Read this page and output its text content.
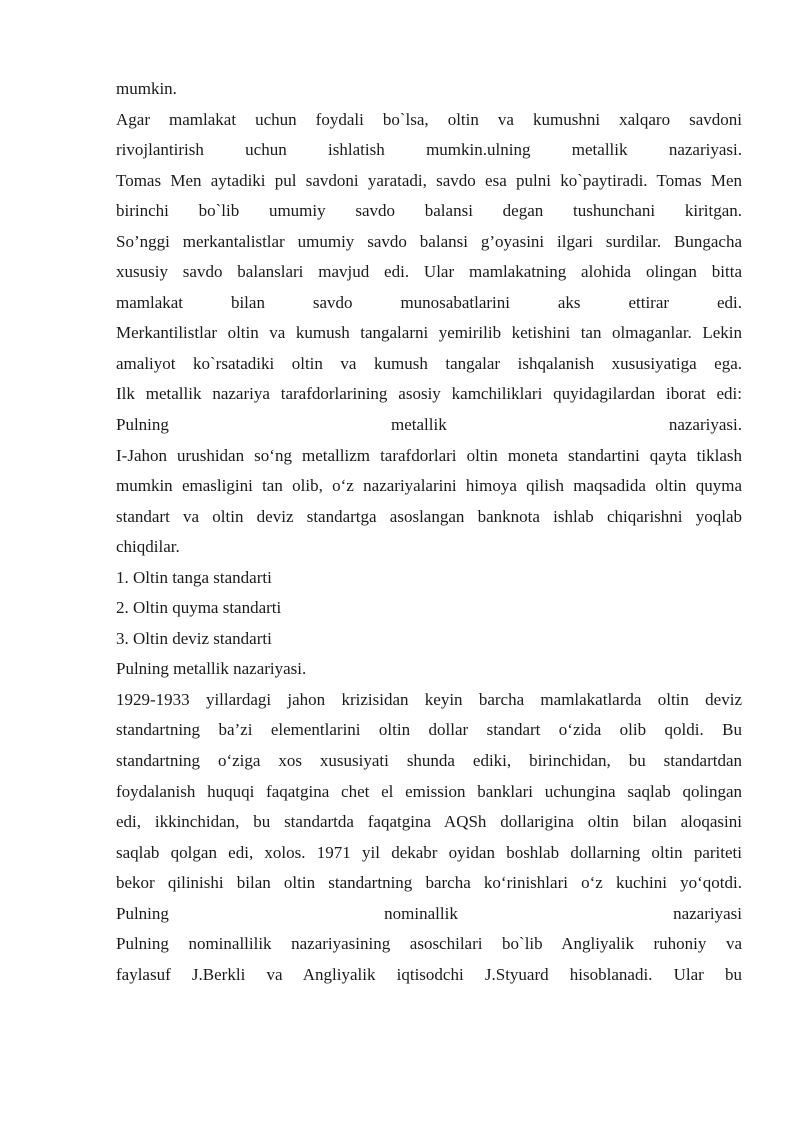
mumkin.
Agar mamlakat uchun foydali bo`lsa, oltin va kumushni xalqaro savdoni
rivojlantirish uchun ishlatish mumkin.ulning metallik nazariyasi.
Tomas Men aytadiki pul savdoni yaratadi, savdo esa pulni ko`paytiradi. Tomas Men
birinchi bo`lib umumiy savdo balansi degan tushunchani kiritgan.
So’nggi merkantalistlar umumiy savdo balansi g’oyasini ilgari surdilar. Bungacha
xususiy savdo balanslari mavjud edi. Ular mamlakatning alohida olingan bitta
mamlakat bilan savdo munosabatlarini aks ettirar edi.
Merkantilistlar oltin va kumush tangalarni yemirilib ketishini tan olmaganlar. Lekin
amaliyot ko`rsatadiki oltin va kumush tangalar ishqalanish xususiyatiga ega.
Ilk metallik nazariya tarafdorlarining asosiy kamchiliklari quyidagilardan iborat edi:
Pulning metallik nazariyasi.
I-Jahon urushidan so‘ng metallizm tarafdorlari oltin moneta standartini qayta tiklash
mumkin emasligini tan olib, o‘z nazariyalarini himoya qilish maqsadida oltin quyma
standart va oltin deviz standartga asoslangan banknota ishlab chiqarishni yoqlab
chiqdilar.
1. Oltin tanga standarti
2. Oltin quyma standarti
3. Oltin deviz standarti
Pulning metallik nazariyasi.
1929-1933 yillardagi jahon krizisidan keyin barcha mamlakatlarda oltin deviz
standartning ba’zi elementlarini oltin dollar standart o‘zida olib qoldi. Bu
standartning o‘ziga xos xususiyati shunda ediki, birinchidan, bu standartdan
foydalanish huquqi faqatgina chet el emission banklari uchungina saqlab qolingan
edi, ikkinchidan, bu standartda faqatgina AQSh dollarigina oltin bilan aloqasini
saqlab qolgan edi, xolos. 1971 yil dekabr oyidan boshlab dollarning oltin pariteti
bekor qilinishi bilan oltin standartning barcha ko‘rinishlari o‘z kuchini yo‘qotdi.
Pulning nominallik nazariyasi
Pulning nominallilik nazariyasining asoschilari bo`lib Angliyalik ruhoniy va
faylasuf J.Berkli va Angliyalik iqtisodchi J.Styuard hisoblanadi. Ular bu
